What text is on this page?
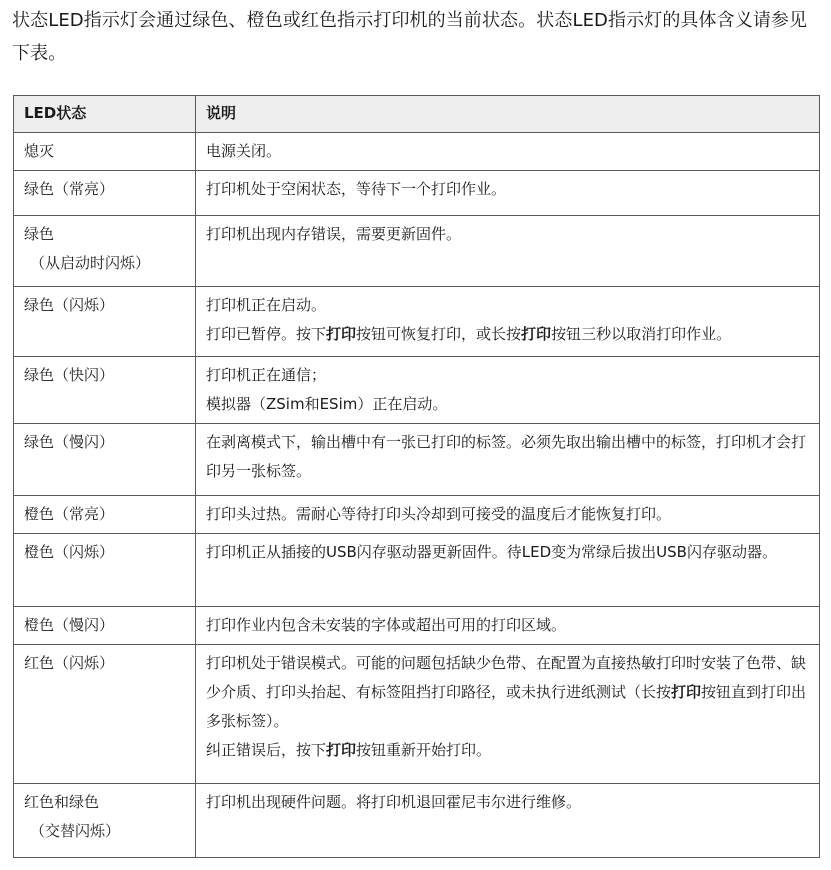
状态LED指示灯会通过绿色、橙色或红色指示打印机的当前状态。状态LED指示灯的具体含义请参见下表。

LED状态	说明
熄灭	电源关闭。

绿色（常亮）	打印机处于空闲状态，等待下一个打印作业。

绿色
（从启动时闪烁）	打印机出现内存错误，需要更新固件。

绿色（闪烁）	打印机正在启动。
打印已暂停。按下打印按钮可恢复打印，或长按打印按钮三秒以取消打印作业。

绿色（快闪）	打印机正在通信；
模拟器（ZSim和ESim）正在启动。

绿色（慢闪）	在剥离模式下，输出槽中有一张已打印的标签。必须先取出输出槽中的标签，打印机才会打印另一张标签。

橙色（常亮）	打印头过热。需耐心等待打印头冷却到可接受的温度后才能恢复打印。

橙色（闪烁）	打印机正从插接的USB闪存驱动器更新固件。待LED变为常绿后拔出USB闪存驱动器。

橙色（慢闪）	打印作业内包含未安装的字体或超出可用的打印区域。

红色（闪烁）	打印机处于错误模式。可能的问题包括缺少色带、在配置为直接热敏打印时安装了色带、缺少介质、打印头抬起、有标签阻挡打印路径，或未执行进纸测试（长按打印按钮直到打印出多张标签）。
纠正错误后，按下打印按钮重新开始打印。

红色和绿色
（交替闪烁）	打印机出现硬件问题。将打印机退回霍尼韦尔进行维修。
